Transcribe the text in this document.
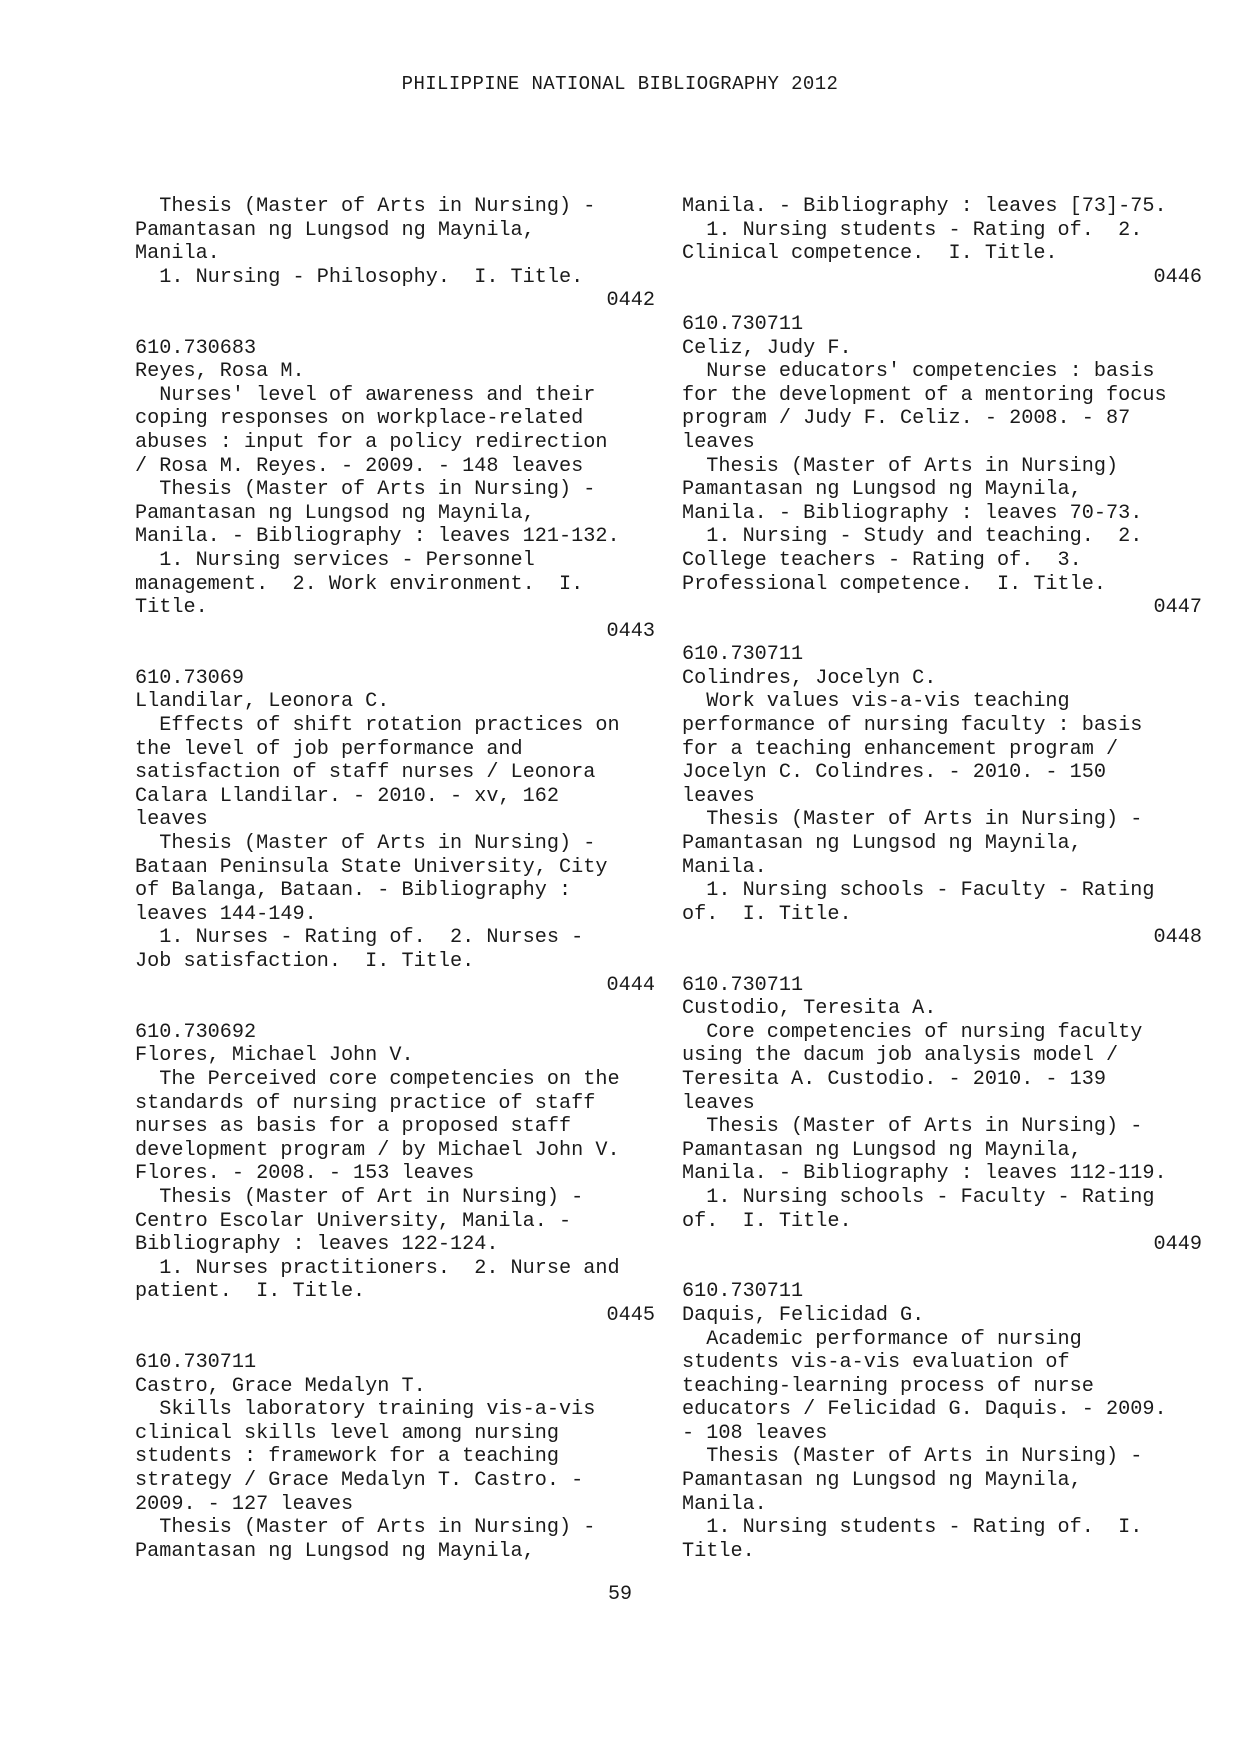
PHILIPPINE NATIONAL BIBLIOGRAPHY 2012
Thesis (Master of Arts in Nursing) -
Pamantasan ng Lungsod ng Maynila,
Manila.
1. Nursing - Philosophy.  I. Title.
0442
610.730683
Reyes, Rosa M.
Nurses' level of awareness and their
coping responses on workplace-related
abuses : input for a policy redirection
/ Rosa M. Reyes. - 2009. - 148 leaves
Thesis (Master of Arts in Nursing) -
Pamantasan ng Lungsod ng Maynila,
Manila. - Bibliography : leaves 121-132.
1. Nursing services - Personnel
management.  2. Work environment.  I.
Title.
0443
610.73069
Llandilar, Leonora C.
Effects of shift rotation practices on
the level of job performance and
satisfaction of staff nurses / Leonora
Calara Llandilar. - 2010. - xv, 162
leaves
Thesis (Master of Arts in Nursing) -
Bataan Peninsula State University, City
of Balanga, Bataan. - Bibliography :
leaves 144-149.
1. Nurses - Rating of.  2. Nurses -
Job satisfaction.  I. Title.
0444
610.730692
Flores, Michael John V.
The Perceived core competencies on the
standards of nursing practice of staff
nurses as basis for a proposed staff
development program / by Michael John V.
Flores. - 2008. - 153 leaves
Thesis (Master of Art in Nursing) -
Centro Escolar University, Manila. -
Bibliography : leaves 122-124.
1. Nurses practitioners.  2. Nurse and
patient.  I. Title.
0445
610.730711
Castro, Grace Medalyn T.
Skills laboratory training vis-a-vis
clinical skills level among nursing
students : framework for a teaching
strategy / Grace Medalyn T. Castro. -
2009. - 127 leaves
Thesis (Master of Arts in Nursing) -
Pamantasan ng Lungsod ng Maynila,
Manila. - Bibliography : leaves [73]-75.
1. Nursing students - Rating of.  2.
Clinical competence.  I. Title.
0446
610.730711
Celiz, Judy F.
Nurse educators' competencies : basis
for the development of a mentoring focus
program / Judy F. Celiz. - 2008. - 87
leaves
Thesis (Master of Arts in Nursing)
Pamantasan ng Lungsod ng Maynila,
Manila. - Bibliography : leaves 70-73.
1. Nursing - Study and teaching.  2.
College teachers - Rating of.  3.
Professional competence.  I. Title.
0447
610.730711
Colindres, Jocelyn C.
Work values vis-a-vis teaching
performance of nursing faculty : basis
for a teaching enhancement program /
Jocelyn C. Colindres. - 2010. - 150
leaves
Thesis (Master of Arts in Nursing) -
Pamantasan ng Lungsod ng Maynila,
Manila.
1. Nursing schools - Faculty - Rating
of.  I. Title.
0448
610.730711
Custodio, Teresita A.
Core competencies of nursing faculty
using the dacum job analysis model /
Teresita A. Custodio. - 2010. - 139
leaves
Thesis (Master of Arts in Nursing) -
Pamantasan ng Lungsod ng Maynila,
Manila. - Bibliography : leaves 112-119.
1. Nursing schools - Faculty - Rating
of.  I. Title.
0449
610.730711
Daquis, Felicidad G.
Academic performance of nursing
students vis-a-vis evaluation of
teaching-learning process of nurse
educators / Felicidad G. Daquis. - 2009.
- 108 leaves
Thesis (Master of Arts in Nursing) -
Pamantasan ng Lungsod ng Maynila,
Manila.
1. Nursing students - Rating of.  I.
Title.
59
